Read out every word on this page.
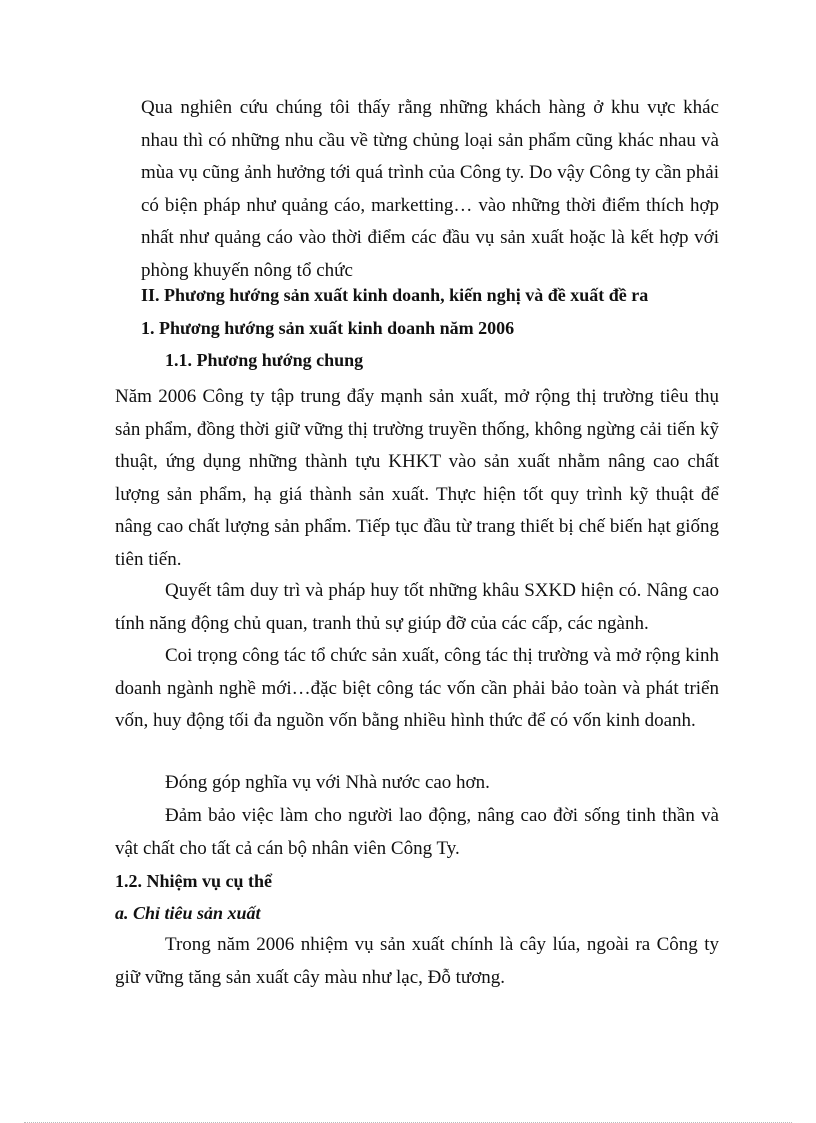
Qua nghiên cứu chúng tôi thấy rằng những khách hàng ở khu vực khác nhau thì có những nhu cầu về từng chủng loại sản phẩm cũng khác nhau và mùa vụ cũng ảnh hưởng tới quá trình của Công ty. Do vậy Công ty cần phải có biện pháp như quảng cáo, marketting… vào những thời điểm thích hợp nhất như quảng cáo vào thời điểm các đầu vụ sản xuất hoặc là kết hợp với phòng khuyến nông tổ chức

II. Phương hướng sản xuất kinh doanh, kiến nghị và đề xuất đề ra
1. Phương hướng sản xuất kinh doanh năm 2006
1.1. Phương hướng chung

Năm 2006 Công ty tập trung đẩy mạnh sản xuất, mở rộng thị trường tiêu thụ sản phẩm, đồng thời giữ vững thị trường truyền thống, không ngừng cải tiến kỹ thuật, ứng dụng những thành tựu KHKT vào sản xuất nhằm nâng cao chất lượng sản phẩm, hạ giá thành sản xuất. Thực hiện tốt quy trình kỹ thuật để nâng cao chất lượng sản phẩm. Tiếp tục đầu từ trang thiết bị chế biến hạt giống tiên tiến.

Quyết tâm duy trì và pháp huy tốt những khâu SXKD hiện có. Nâng cao tính năng động chủ quan, tranh thủ sự giúp đỡ của các cấp, các ngành.

Coi trọng công tác tổ chức sản xuất, công tác thị trường và mở rộng kinh doanh ngành nghề mới…đặc biệt công tác vốn cần phải bảo toàn và phát triển vốn, huy động tối đa nguồn vốn bằng nhiều hình thức để có vốn kinh doanh.

Đóng góp nghĩa vụ với Nhà nước cao hơn.

Đảm bảo việc làm cho người lao động, nâng cao đời sống tinh thần và vật chất cho tất cả cán bộ nhân viên Công Ty.

1.2. Nhiệm vụ cụ thể
a. Chỉ tiêu sản xuất

Trong năm 2006 nhiệm vụ sản xuất chính là cây lúa, ngoài ra Công ty giữ vững tăng sản xuất cây màu như lạc, Đỗ tương.
